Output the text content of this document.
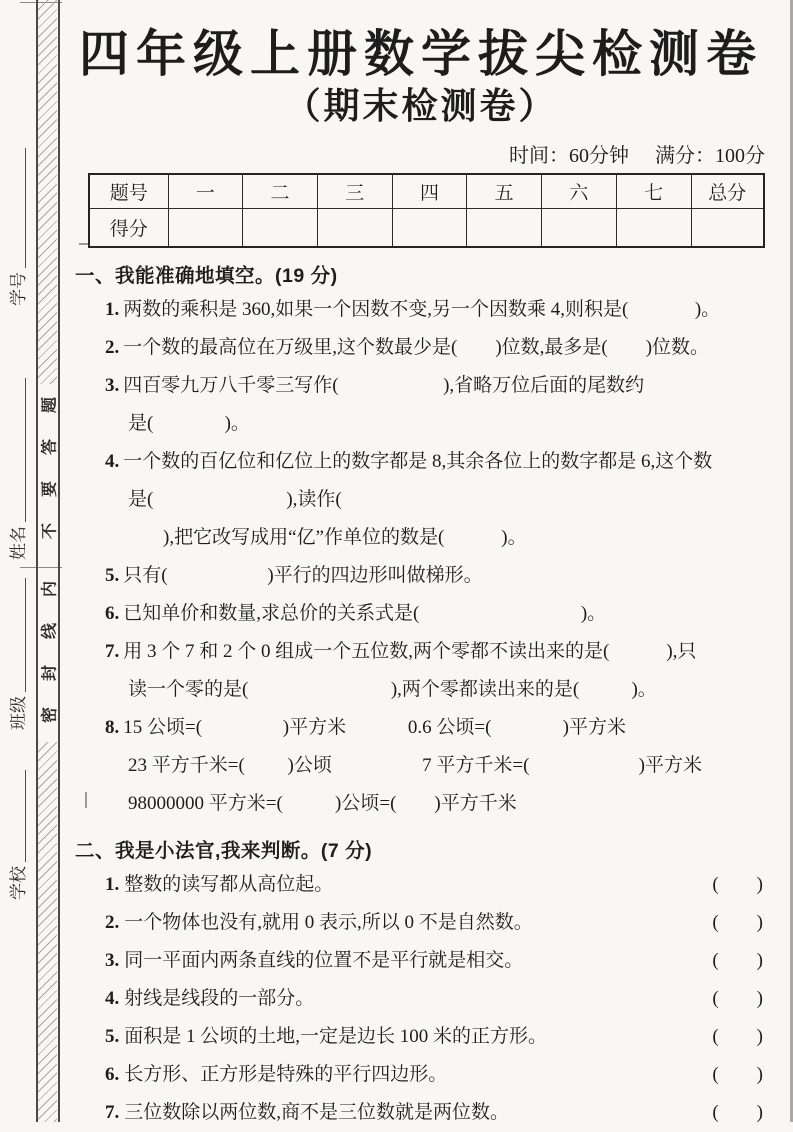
学号
姓名
班级
学校
题
答
要
不
内
线
封
密
四年级上册数学拔尖检测卷
（期末检测卷）
时间：60分钟 满分：100分
题号	一	二	三	四	五	六	七	总分
得分								
一、我能准确地填空。(19 分)
1. 两数的乘积是 360,如果一个因数不变,另一个因数乘 4,则积是(              )。
2. 一个数的最高位在万级里,这个数最少是(        )位数,最多是(        )位数。
3. 四百零九万八千零三写作(                      ),省略万位后面的尾数约
是(               )。
4. 一个数的百亿位和亿位上的数字都是 8,其余各位上的数字都是 6,这个数
是(                            ),读作(
),把它改写成用“亿”作单位的数是(            )。
5. 只有(                     )平行的四边形叫做梯形。
6. 已知单价和数量,求总价的关系式是(                                  )。
7. 用 3 个 7 和 2 个 0 组成一个五位数,两个零都不读出来的是(            ),只
读一个零的是(                              ),两个零都读出来的是(           )。
8. 15 公顷=(                 )平方米             0.6 公顷=(               )平方米
23 平方千米=(         )公顷                   7 平方千米=(                       )平方米
98000000 平方米=(           )公顷=(        )平方千米
二、我是小法官,我来判断。(7 分)
1. 整数的读写都从高位起。	(        )
2. 一个物体也没有,就用 0 表示,所以 0 不是自然数。	(        )
3. 同一平面内两条直线的位置不是平行就是相交。	(        )
4. 射线是线段的一部分。	(        )
5. 面积是 1 公顷的土地,一定是边长 100 米的正方形。	(        )
6. 长方形、正方形是特殊的平行四边形。	(        )
7. 三位数除以两位数,商不是三位数就是两位数。	(        )
